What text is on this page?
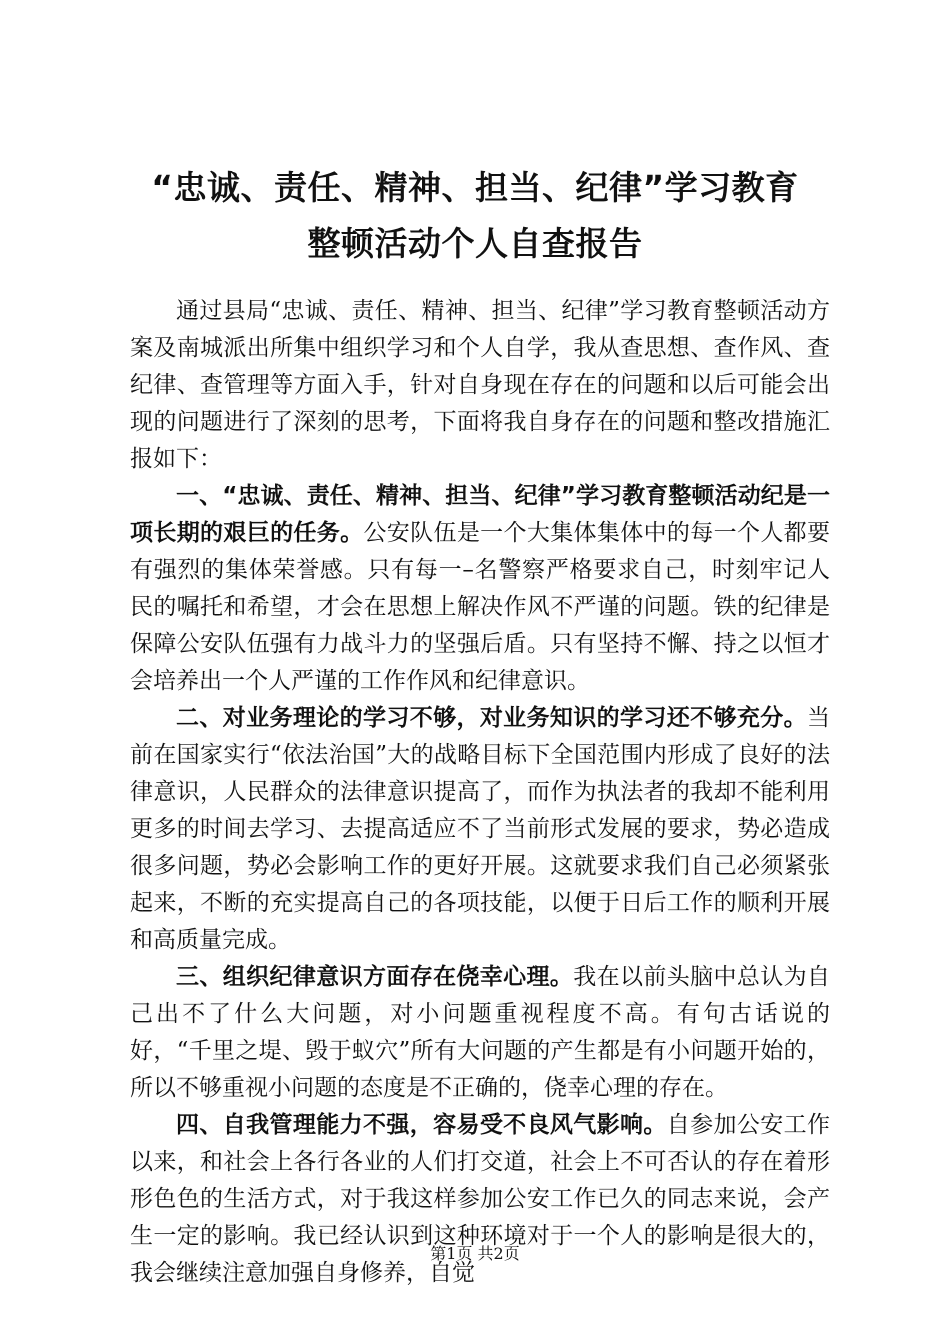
“忠诚、责任、精神、担当、纪律”学习教育
整顿活动个人自查报告

通过县局“忠诚、责任、精神、担当、纪律”学习教育整顿活动方案及南城派出所集中组织学习和个人自学，我从查思想、查作风、查纪律、查管理等方面入手，针对自身现在存在的问题和以后可能会出现的问题进行了深刻的思考，下面将我自身存在的问题和整改措施汇报如下：

一、“忠诚、责任、精神、担当、纪律”学习教育整顿活动纪是一项长期的艰巨的任务。公安队伍是一个大集体集体中的每一个人都要有强烈的集体荣誉感。只有每一–名警察严格要求自己，时刻牢记人民的嘱托和希望，才会在思想上解决作风不严谨的问题。铁的纪律是保障公安队伍强有力战斗力的坚强后盾。只有坚持不懈、持之以恒才会培养出一个人严谨的工作作风和纪律意识。

二、对业务理论的学习不够，对业务知识的学习还不够充分。当前在国家实行“依法治国”大的战略目标下全国范围内形成了良好的法律意识，人民群众的法律意识提高了，而作为执法者的我却不能利用更多的时间去学习、去提高适应不了当前形式发展的要求，势必造成很多问题，势必会影响工作的更好开展。这就要求我们自己必须紧张起来，不断的充实提高自己的各项技能，以便于日后工作的顺利开展和高质量完成。

三、组织纪律意识方面存在侥幸心理。我在以前头脑中总认为自己出不了什么大问题，对小问题重视程度不高。有句古话说的好，“千里之堤、毁于蚁穴”所有大问题的产生都是有小问题开始的，所以不够重视小问题的态度是不正确的，侥幸心理的存在。

四、自我管理能力不强，容易受不良风气影响。自参加公安工作以来，和社会上各行各业的人们打交道，社会上不可否认的存在着形形色色的生活方式，对于我这样参加公安工作已久的同志来说，会产生一定的影响。我已经认识到这种环境对于一个人的影响是很大的，我会继续注意加强自身修养，自觉

第1页 共2页
